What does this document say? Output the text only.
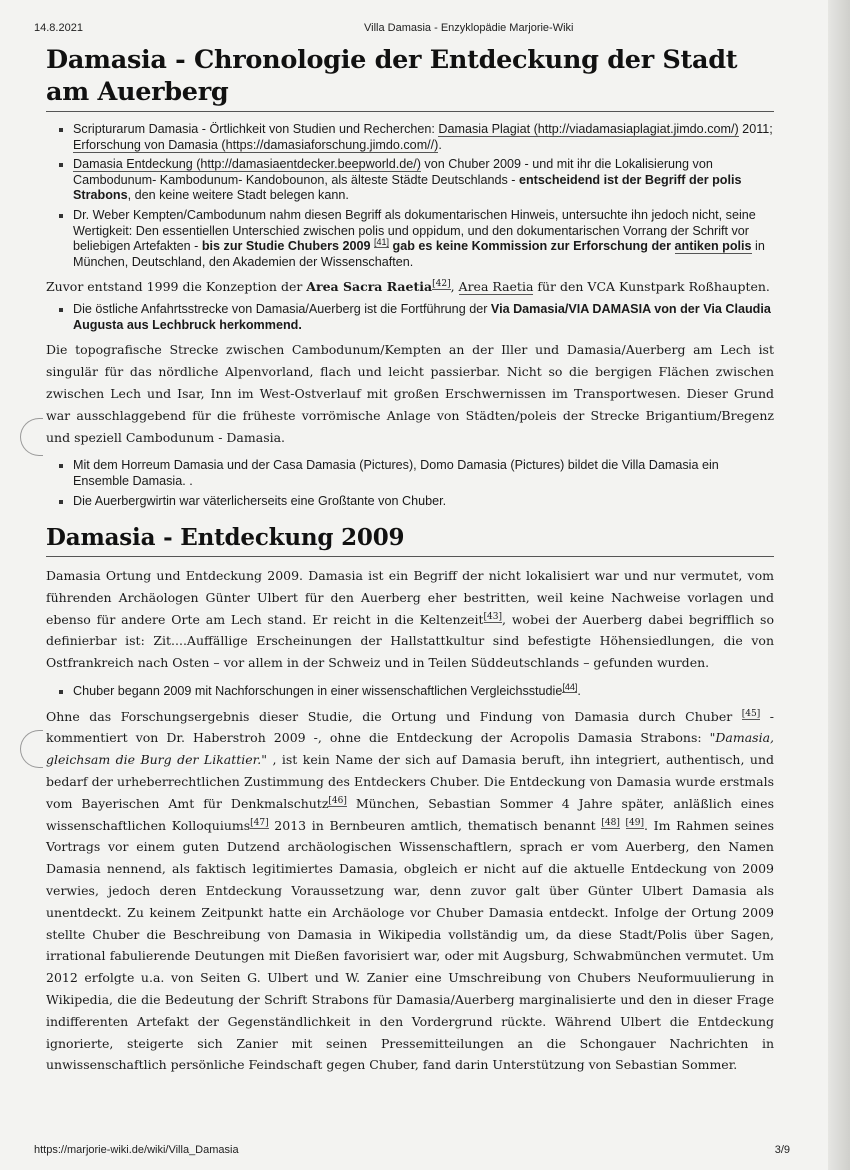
14.8.2021	Villa Damasia - Enzyklopädie Marjorie-Wiki
Damasia - Chronologie der Entdeckung der Stadt am Auerberg
Scripturarum Damasia - Örtlichkeit von Studien und Recherchen: Damasia Plagiat (http://viadamasiaplagiat.jimdo.com/) 2011; Erforschung von Damasia (https://damasiaforschung.jimdo.com//).
Damasia Entdeckung (http://damasiaentdecker.beepworld.de/) von Chuber 2009 - und mit ihr die Lokalisierung von Cambodunum- Kambodunum- Kandobounon, als älteste Städte Deutschlands - entscheidend ist der Begriff der polis Strabons, den keine weitere Stadt belegen kann.
Dr. Weber Kempten/Cambodunum nahm diesen Begriff als dokumentarischen Hinweis, untersuchte ihn jedoch nicht, seine Wertigkeit: Den essentiellen Unterschied zwischen polis und oppidum, und den dokumentarischen Vorrang der Schrift vor beliebigen Artefakten - bis zur Studie Chubers 2009 [41] gab es keine Kommission zur Erforschung der antiken polis in München, Deutschland, den Akademien der Wissenschaften.

Zuvor entstand 1999 die Konzeption der Area Sacra Raetia[42], Area Raetia für den VCA Kunstpark Roßhaupten.

Die östliche Anfahrtsstrecke von Damasia/Auerberg ist die Fortführung der Via Damasia/VIA DAMASIA von der Via Claudia Augusta aus Lechbruck herkommend.

Die topografische Strecke zwischen Cambodunum/Kempten an der Iller und Damasia/Auerberg am Lech ist singulär für das nördliche Alpenvorland, flach und leicht passierbar. Nicht so die bergigen Flächen zwischen zwischen Lech und Isar, Inn im West-Ostverlauf mit großen Erschwernissen im Transportwesen. Dieser Grund war ausschlaggebend für die früheste vorrömische Anlage von Städten/poleis der Strecke Brigantium/Bregenz und speziell Cambodunum - Damasia.

Mit dem Horreum Damasia und der Casa Damasia (Pictures), Domo Damasia (Pictures) bildet die Villa Damasia ein Ensemble Damasia. .
Die Auerbergwirtin war väterlicherseits eine Großtante von Chuber.
Damasia - Entdeckung 2009

Damasia Ortung und Entdeckung 2009. Damasia ist ein Begriff der nicht lokalisiert war und nur vermutet, vom führenden Archäologen Günter Ulbert für den Auerberg eher bestritten, weil keine Nachweise vorlagen und ebenso für andere Orte am Lech stand. Er reicht in die Keltenzeit[43], wobei der Auerberg dabei begrifflich so definierbar ist: Zit....Auffällige Erscheinungen der Hallstattkultur sind befestigte Höhensiedlungen, die von Ostfrankreich nach Osten – vor allem in der Schweiz und in Teilen Süddeutschlands – gefunden wurden.

Chuber begann 2009 mit Nachforschungen in einer wissenschaftlichen Vergleichsstudie[44].

Ohne das Forschungsergebnis dieser Studie, die Ortung und Findung von Damasia durch Chuber [45] - kommentiert von Dr. Haberstroh 2009 -, ohne die Entdeckung der Acropolis Damasia Strabons: "Damasia, gleichsam die Burg der Likattier." , ist kein Name der sich auf Damasia beruft, ihn integriert, authentisch, und bedarf der urheberrechtlichen Zustimmung des Entdeckers Chuber. Die Entdeckung von Damasia wurde erstmals vom Bayerischen Amt für Denkmalschutz[46] München, Sebastian Sommer 4 Jahre später, anläßlich eines wissenschaftlichen Kolloquiums[47] 2013 in Bernbeuren amtlich, thematisch benannt [48] [49]. Im Rahmen seines Vortrags vor einem guten Dutzend archäologischen Wissenschaftlern, sprach er vom Auerberg, den Namen Damasia nennend, als faktisch legitimiertes Damasia, obgleich er nicht auf die aktuelle Entdeckung von 2009 verwies, jedoch deren Entdeckung Voraussetzung war, denn zuvor galt über Günter Ulbert Damasia als unentdeckt. Zu keinem Zeitpunkt hatte ein Archäologe vor Chuber Damasia entdeckt. Infolge der Ortung 2009 stellte Chuber die Beschreibung von Damasia in Wikipedia vollständig um, da diese Stadt/Polis über Sagen, irrational fabulierende Deutungen mit Dießen favorisiert war, oder mit Augsburg, Schwabmünchen vermutet. Um 2012 erfolgte u.a. von Seiten G. Ulbert und W. Zanier eine Umschreibung von Chubers Neuformuulierung in Wikipedia, die die Bedeutung der Schrift Strabons für Damasia/Auerberg marginalisierte und den in dieser Frage indifferenten Artefakt der Gegenständlichkeit in den Vordergrund rückte. Während Ulbert die Entdeckung ignorierte, steigerte sich Zanier mit seinen Pressemitteilungen an die Schongauer Nachrichten in unwissenschaftlich persönliche Feindschaft gegen Chuber, fand darin Unterstützung von Sebastian Sommer.

https://marjorie-wiki.de/wiki/Villa_Damasia	3/9
